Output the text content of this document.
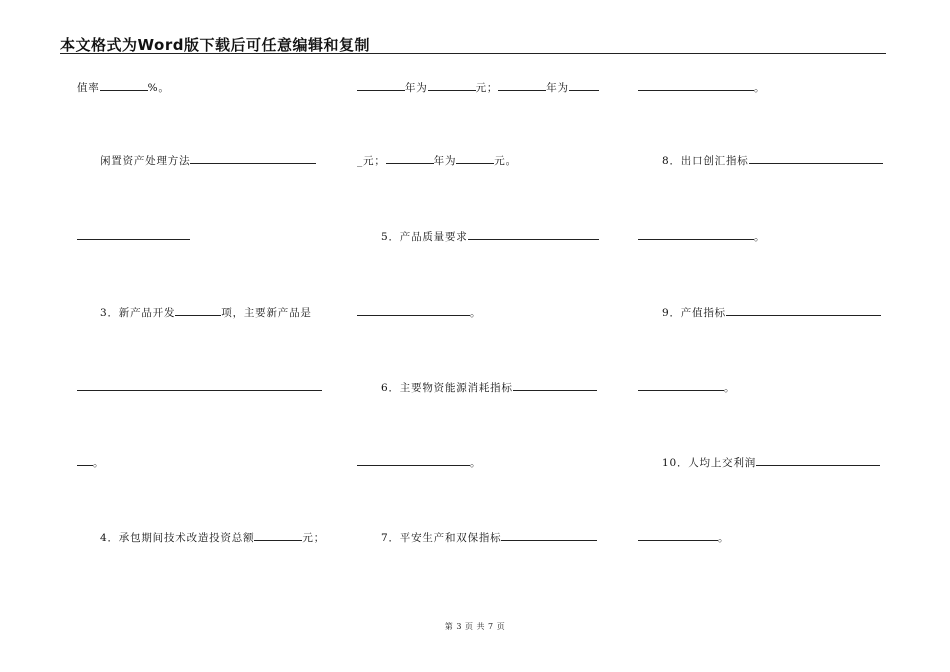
本文格式为Word版下载后可任意编辑和复制
值率	%。
闲置资产处理方法
3．新产品开发	项，主要新产品是
。
4．承包期间技术改造投资总额	元；
年为	元；	年为
_元；	年为	元。
5．产品质量要求
。
6．主要物资能源消耗指标
。
7．平安生产和双保指标
。
8．出口创汇指标
。
9．产值指标
。
10．人均上交利润
。
第 3 页 共 7 页
